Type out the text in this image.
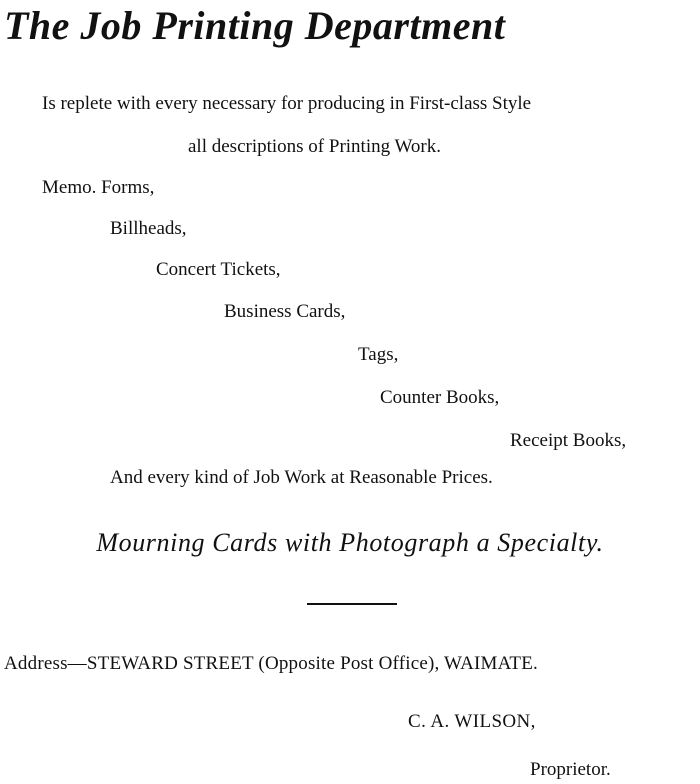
The Job Printing Department
Is replete with every necessary for producing in First-class Style
all descriptions of Printing Work.
Memo. Forms,
Billheads,
Concert Tickets,
Business Cards,
Tags,
Counter Books,
Receipt Books,
And every kind of Job Work at Reasonable Prices.
Mourning Cards with Photograph a Specialty.
Address—STEWARD STREET (Opposite Post Office), WAIMATE.
C. A. WILSON,
Proprietor.
